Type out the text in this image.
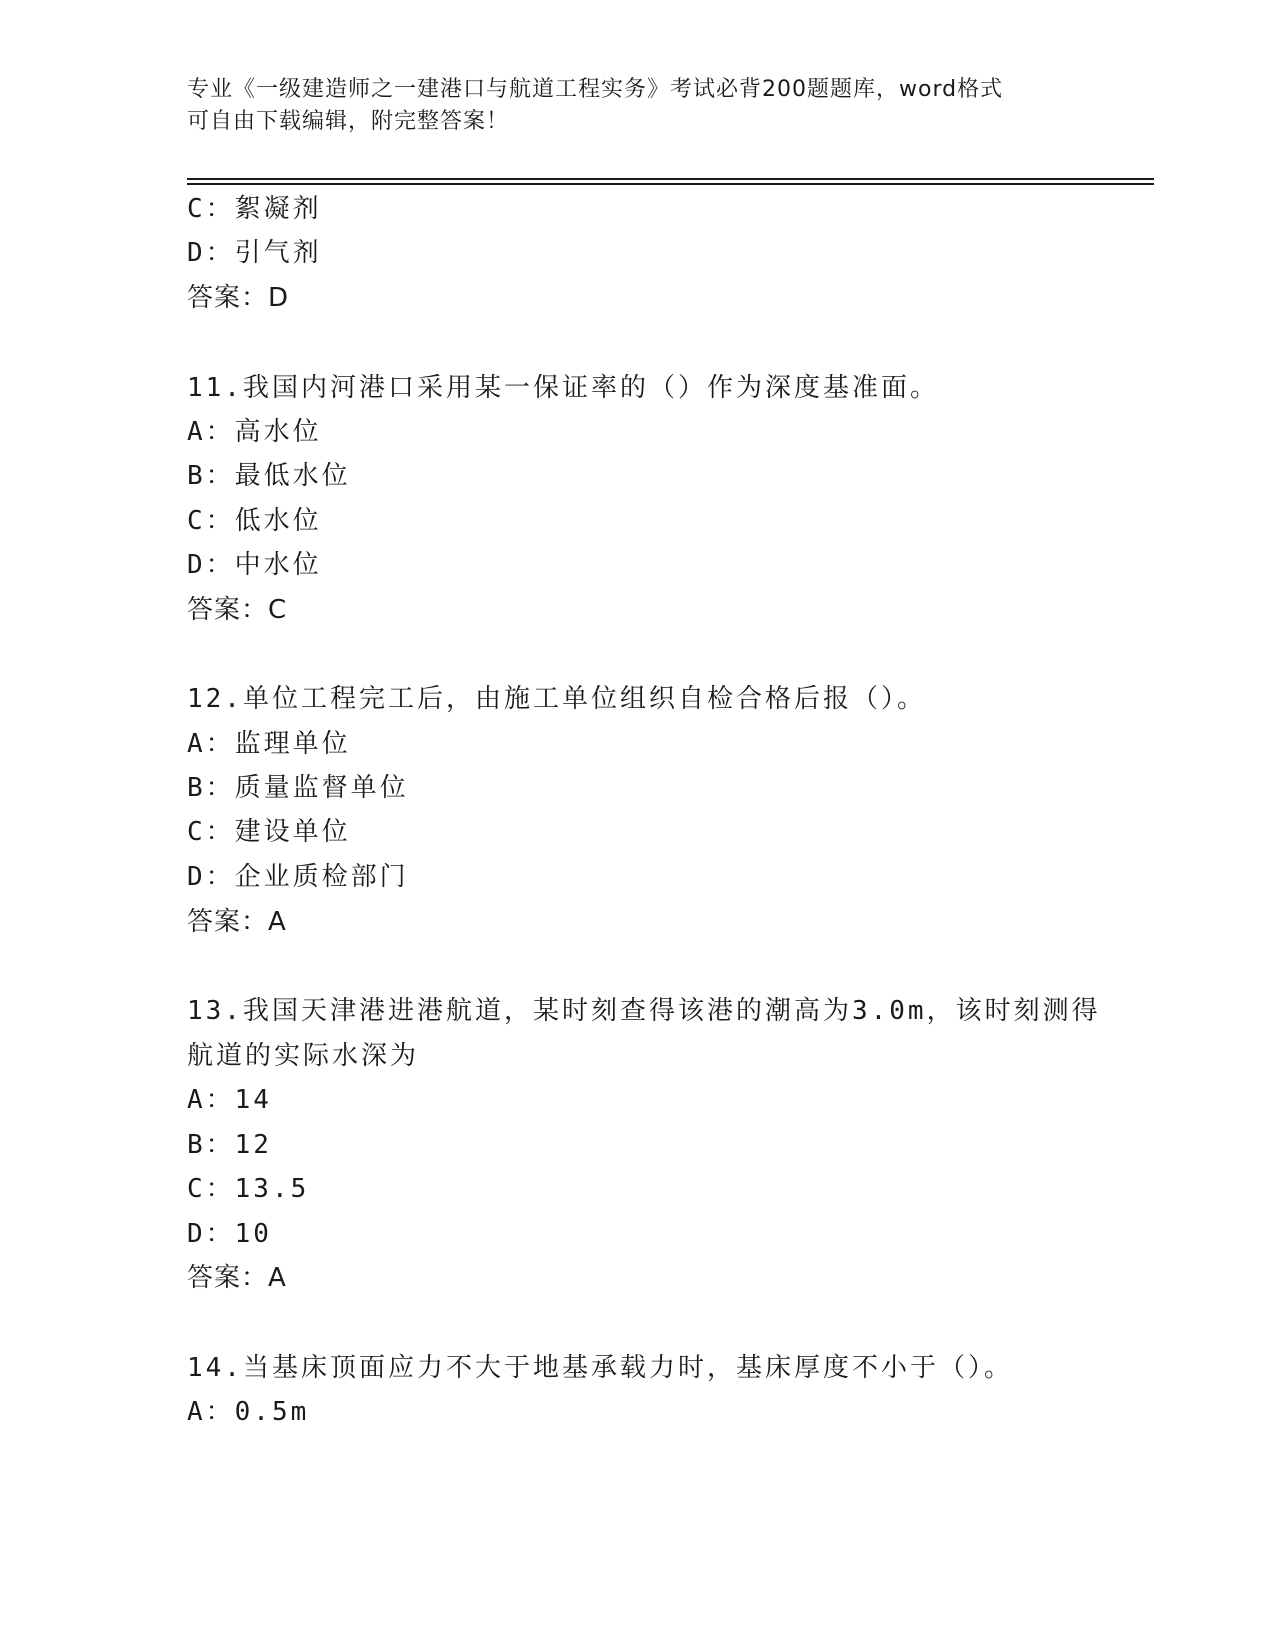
专业《一级建造师之一建港口与航道工程实务》考试必背200题题库，word格式
可自由下载编辑，附完整答案！
C：絮凝剂
D：引气剂
答案：D
11.我国内河港口采用某一保证率的（）作为深度基准面。
A：高水位
B：最低水位
C：低水位
D：中水位
答案：C
12.单位工程完工后，由施工单位组织自检合格后报（）。
A：监理单位
B：质量监督单位
C：建设单位
D：企业质检部门
答案：A
13.我国天津港进港航道，某时刻查得该港的潮高为3.0m，该时刻测得
航道的实际水深为
A：14
B：12
C：13.5
D：10
答案：A
14.当基床顶面应力不大于地基承载力时，基床厚度不小于（）。
A：0.5m
